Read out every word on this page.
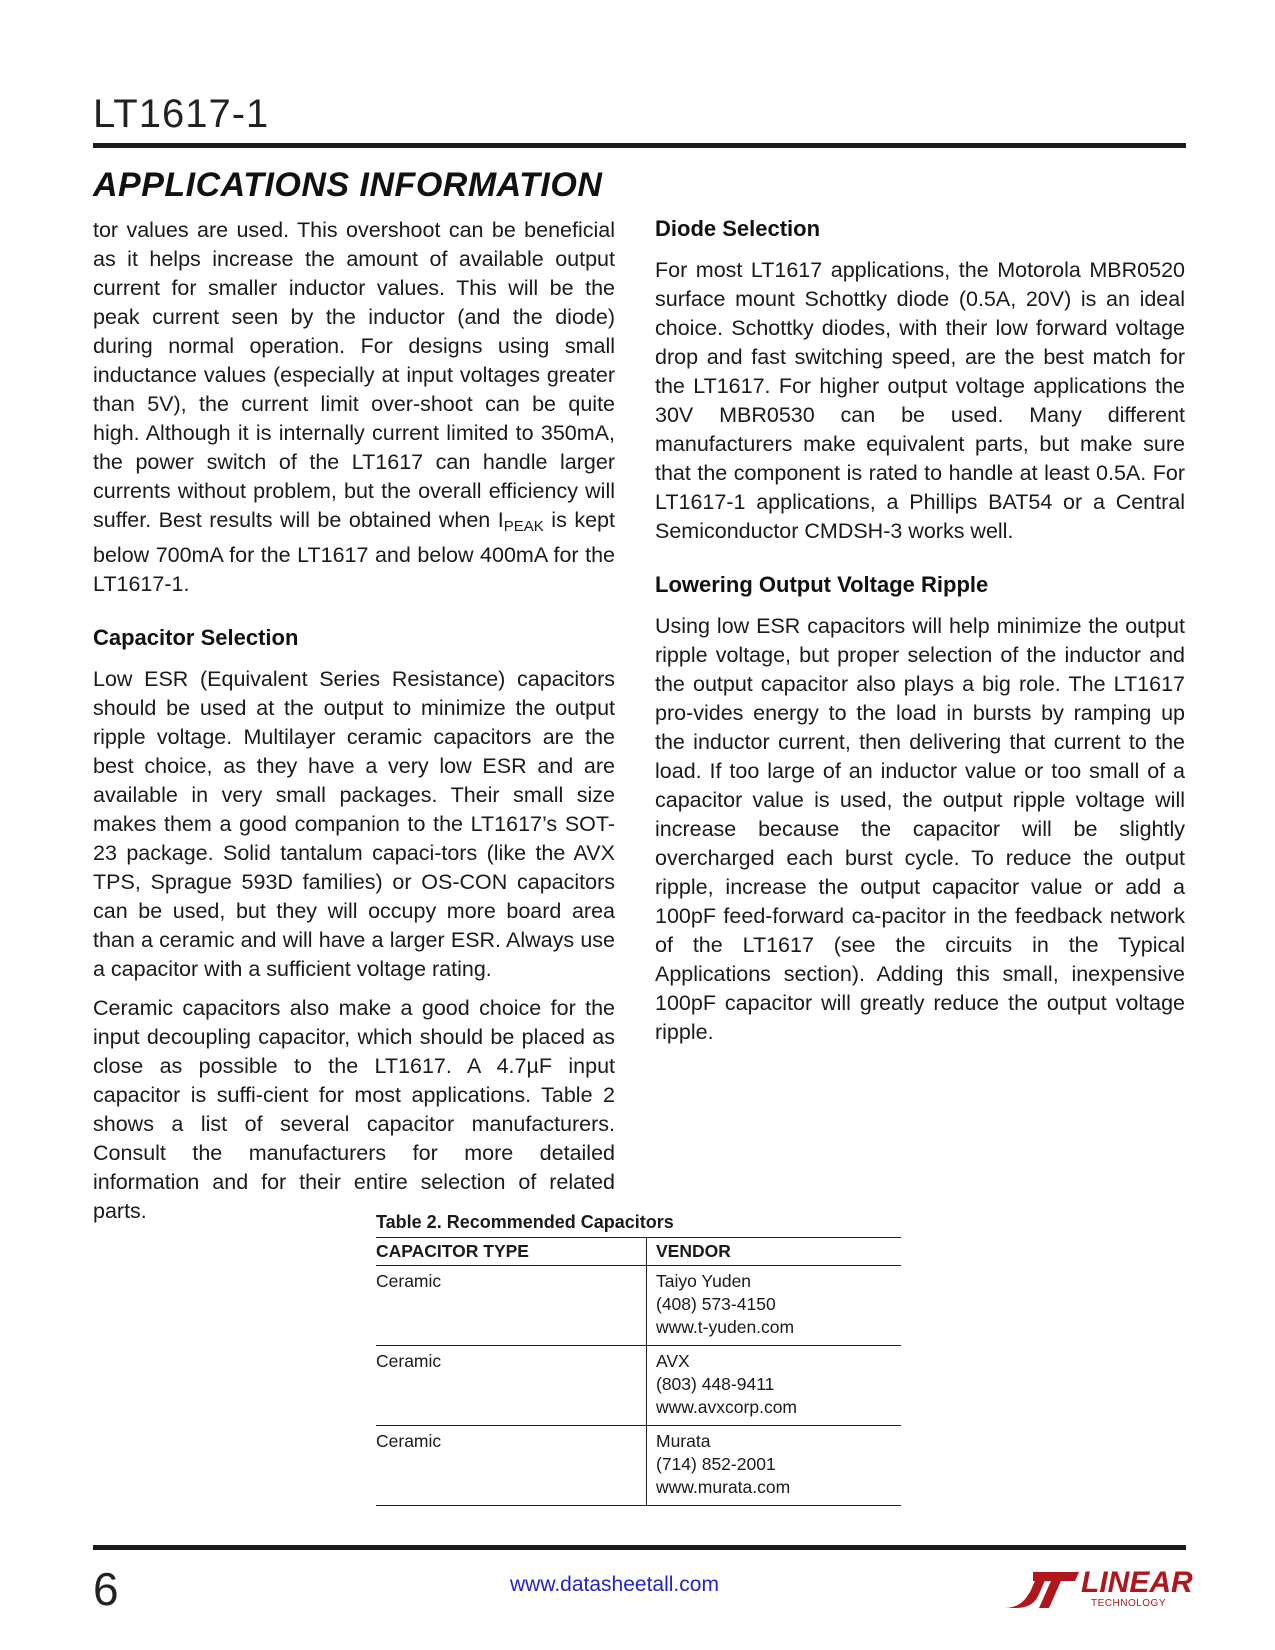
LT1617-1
APPLICATIONS INFORMATION

tor values are used. This overshoot can be beneficial as it helps increase the amount of available output current for smaller inductor values. This will be the peak current seen by the inductor (and the diode) during normal operation. For designs using small inductance values (especially at input voltages greater than 5V), the current limit over-shoot can be quite high. Although it is internally current limited to 350mA, the power switch of the LT1617 can handle larger currents without problem, but the overall efficiency will suffer. Best results will be obtained when $I_{PEAK}$ is kept below 700mA for the LT1617 and below 400mA for the LT1617-1.

Capacitor Selection

Low ESR (Equivalent Series Resistance) capacitors should be used at the output to minimize the output ripple voltage. Multilayer ceramic capacitors are the best choice, as they have a very low ESR and are available in very small packages. Their small size makes them a good companion to the LT1617’s SOT-23 package. Solid tantalum capaci-tors (like the AVX TPS, Sprague 593D families) or OS-CON capacitors can be used, but they will occupy more board area than a ceramic and will have a larger ESR. Always use a capacitor with a sufficient voltage rating.

Ceramic capacitors also make a good choice for the input decoupling capacitor, which should be placed as close as possible to the LT1617. A 4.7µF input capacitor is suffi-cient for most applications. Table 2 shows a list of several capacitor manufacturers. Consult the manufacturers for more detailed information and for their entire selection of related parts.

Diode Selection

For most LT1617 applications, the Motorola MBR0520 surface mount Schottky diode (0.5A, 20V) is an ideal choice. Schottky diodes, with their low forward voltage drop and fast switching speed, are the best match for the LT1617. For higher output voltage applications the 30V MBR0530 can be used. Many different manufacturers make equivalent parts, but make sure that the component is rated to handle at least 0.5A. For LT1617-1 applications, a Phillips BAT54 or a Central Semiconductor CMDSH-3 works well.

Lowering Output Voltage Ripple

Using low ESR capacitors will help minimize the output ripple voltage, but proper selection of the inductor and the output capacitor also plays a big role. The LT1617 pro-vides energy to the load in bursts by ramping up the inductor current, then delivering that current to the load. If too large of an inductor value or too small of a capacitor value is used, the output ripple voltage will increase because the capacitor will be slightly overcharged each burst cycle. To reduce the output ripple, increase the output capacitor value or add a 100pF feed-forward ca-pacitor in the feedback network of the LT1617 (see the circuits in the Typical Applications section). Adding this small, inexpensive 100pF capacitor will greatly reduce the output voltage ripple.

Table 2. Recommended Capacitors
CAPACITOR TYPE	VENDOR
Ceramic	Taiyo Yuden
(408) 573-4150
www.t-yuden.com

Ceramic	AVX
(803) 448-9411
www.avxcorp.com

Ceramic	Murata
(714) 852-2001
www.murata.com
6	www.datasheetall.com	LINEAR
TECHNOLOGY
